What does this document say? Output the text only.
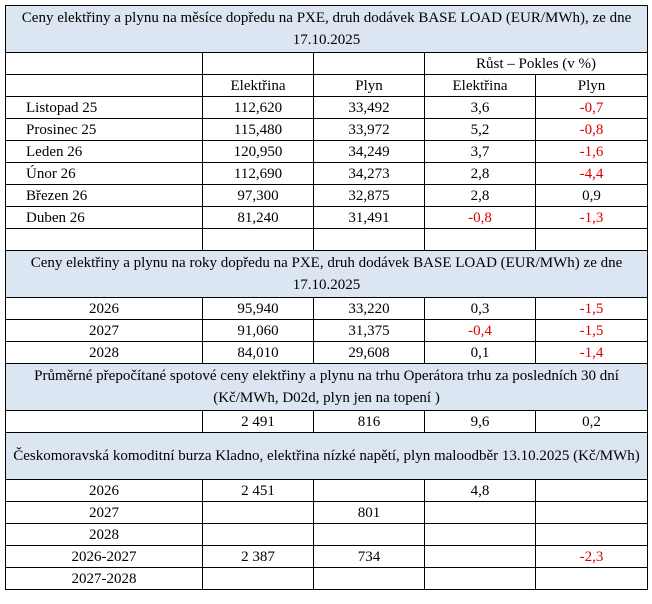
Ceny elektřiny a plynu na měsíce dopředu na PXE, druh dodávek BASE LOAD (EUR/MWh), ze dne 17.10.2025				
			Růst – Pokles (v %)	
	Elektřina	Plyn	Elektřina	Plyn
Listopad 25	112,620	33,492	3,6	-0,7
Prosinec 25	115,480	33,972	5,2	-0,8
Leden 26	120,950	34,249	3,7	-1,6
Únor 26	112,690	34,273	2,8	-4,4
Březen 26	97,300	32,875	2,8	0,9
Duben 26	81,240	31,491	-0,8	-1,3

Ceny elektřiny a plynu na roky dopředu na PXE, druh dodávek BASE LOAD (EUR/MWh) ze dne 17.10.2025				
2026	95,940	33,220	0,3	-1,5
2027	91,060	31,375	-0,4	-1,5
2028	84,010	29,608	0,1	-1,4
Průměrné přepočítané spotové ceny elektřiny a plynu na trhu Operátora trhu za posledních 30 dní (Kč/MWh, D02d, plyn jen na topení )				
	2 491	816	9,6	0,2
Českomoravská komoditní burza Kladno, elektřina nízké napětí, plyn maloodběr 13.10.2025 (Kč/MWh)				
2026	2 451		4,8	
2027		801		
2028				
2026-2027	2 387	734		-2,3
2027-2028				
